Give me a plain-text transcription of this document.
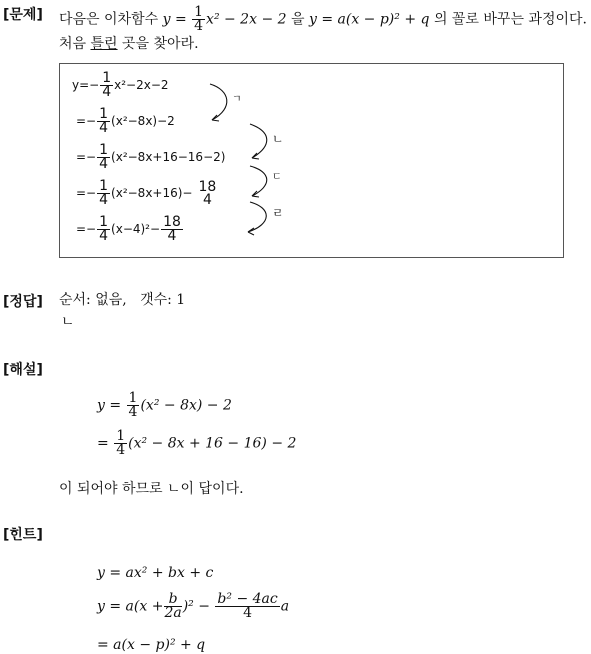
[문제] 다음은 이차함수 $y = \frac{1}{4} x^2 - 2x - 2$ 을 y = a(x − p)² + q 의 꼴로 바꾸는 과정이다.
처음 틀린 곳을 찾아라.
$y=- \frac{1}{4} x^2-2x-2$
=− $\frac{1}{4} (x^2-8x)-2$
=− $\frac{1}{4} (x^2-8x+16-16-2)$
=− $\frac{1}{4} (x^2-8x+16)- 18$
4
=− $\frac{1}{4} (x-4)^2- \frac{18}{4}$
ㄱ
ㄴ
ㄷ
ㄹ
[정답] 순서: 없음,   갯수: 1
ㄴ
[해설]
$y = \frac{1}{4} (x^2 - 8x) - 2$
= $\frac{1}{4} (x^2 - 8x + 16 - 16) - 2$
이 되어야 하므로 ㄴ이 답이다.
[힌트]
y = ax² + bx + c
$y = a(x + \frac{b}{2a} )^2 - \frac{\text{b² − 4ac}}{4}$ a
= a(x − p)² + q
